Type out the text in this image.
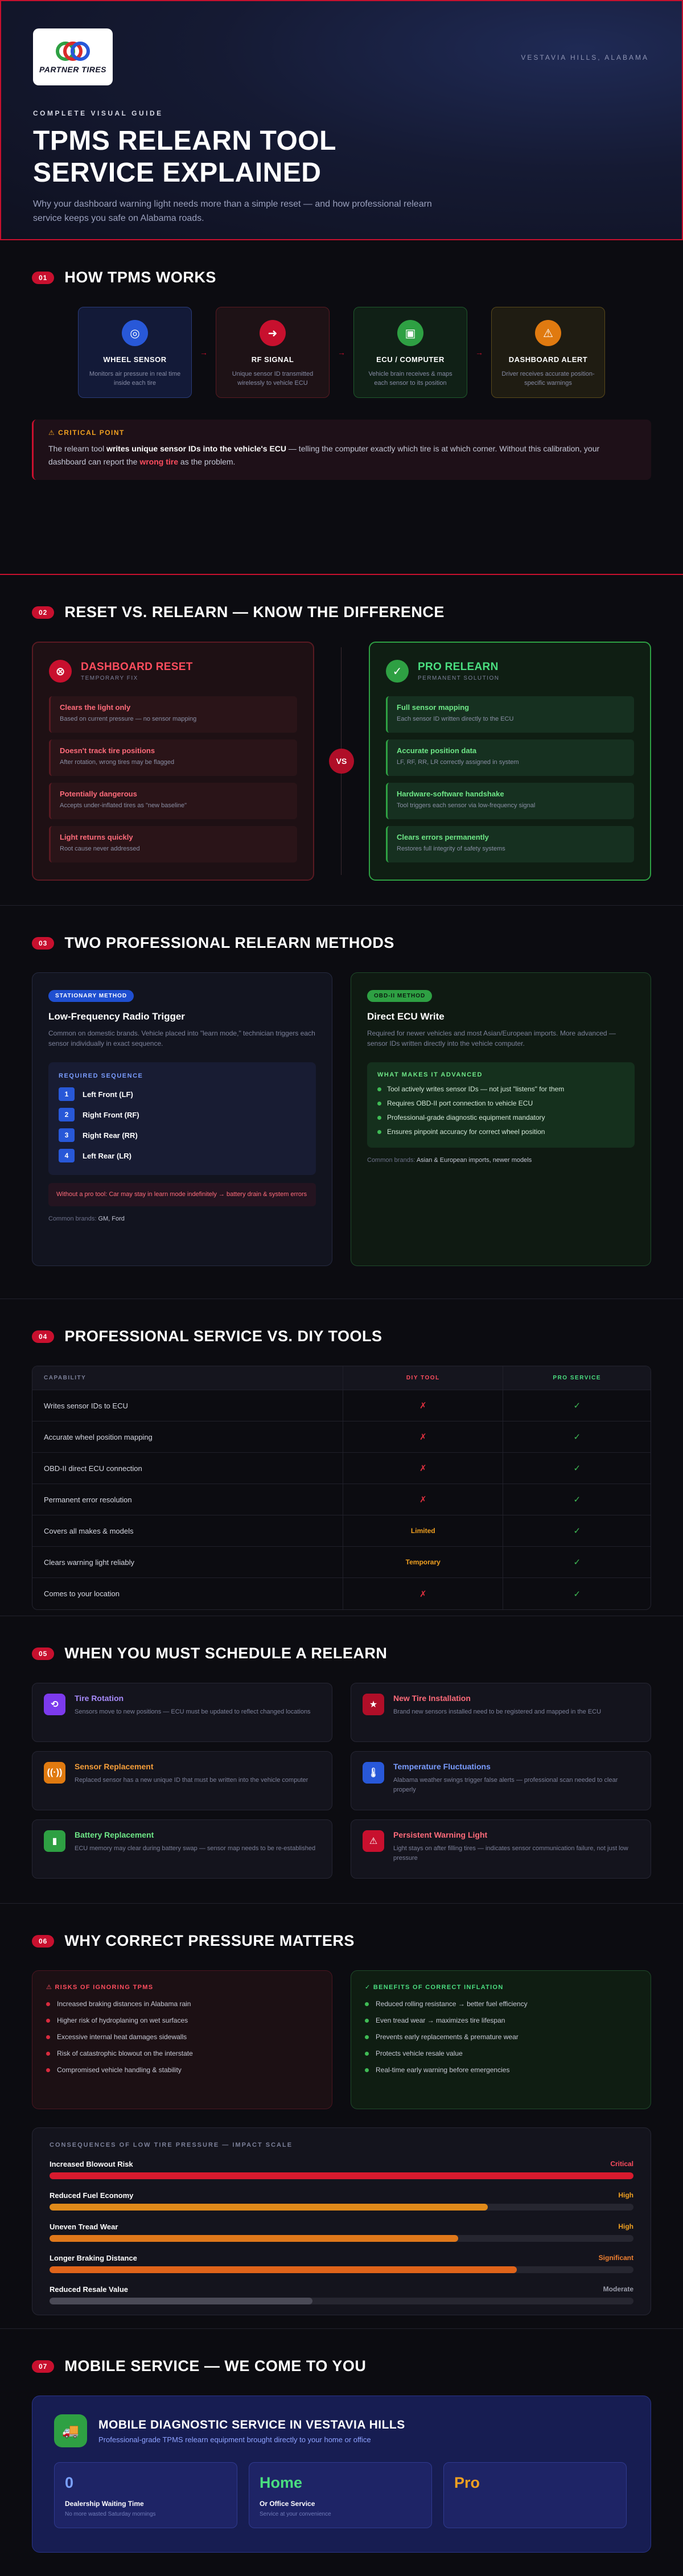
PARTNER TIRES
VESTAVIA HILLS, ALABAMA
COMPLETE VISUAL GUIDE
TPMS RELEARN TOOL
SERVICE EXPLAINED

Why your dashboard warning light needs more than a simple reset — and how professional relearn service keeps you safe on Alabama roads.

01	HOW TPMS WORKS
◎
WHEEL SENSOR
Monitors air pressure in real time inside each tire
→
➜
RF SIGNAL
Unique sensor ID transmitted wirelessly to vehicle ECU
→
▣
ECU / COMPUTER
Vehicle brain receives & maps each sensor to its position
→
⚠
DASHBOARD ALERT
Driver receives accurate position-specific warnings
⚠ CRITICAL POINT

The relearn tool writes unique sensor IDs into the vehicle's ECU — telling the computer exactly which tire is at which corner. Without this calibration, your dashboard can report the wrong tire as the problem.

02	RESET VS. RELEARN — KNOW THE DIFFERENCE
⊗	DASHBOARD RESET
TEMPORARY FIX
Clears the light only
Based on current pressure — no sensor mapping
Doesn't track tire positions
After rotation, wrong tires may be flagged
Potentially dangerous
Accepts under-inflated tires as "new baseline"
Light returns quickly
Root cause never addressed
VS
✓	PRO RELEARN
PERMANENT SOLUTION
Full sensor mapping
Each sensor ID written directly to the ECU
Accurate position data
LF, RF, RR, LR correctly assigned in system
Hardware-software handshake
Tool triggers each sensor via low-frequency signal
Clears errors permanently
Restores full integrity of safety systems
03	TWO PROFESSIONAL RELEARN METHODS
STATIONARY METHOD
Low-Frequency Radio Trigger
Common on domestic brands. Vehicle placed into "learn mode," technician triggers each sensor individually in exact sequence.
REQUIRED SEQUENCE
1	Left Front (LF)
2	Right Front (RF)
3	Right Rear (RR)
4	Left Rear (LR)
Without a pro tool: Car may stay in learn mode indefinitely → battery drain & system errors
Common brands: GM, Ford
OBD-II METHOD
Direct ECU Write
Required for newer vehicles and most Asian/European imports. More advanced — sensor IDs written directly into the vehicle computer.
WHAT MAKES IT ADVANCED
Tool actively writes sensor IDs — not just "listens" for them
Requires OBD-II port connection to vehicle ECU
Professional-grade diagnostic equipment mandatory
Ensures pinpoint accuracy for correct wheel position
Common brands: Asian & European imports, newer models
04	PROFESSIONAL SERVICE VS. DIY TOOLS
CAPABILITY	DIY TOOL	PRO SERVICE
Writes sensor IDs to ECU	✗	✓
Accurate wheel position mapping	✗	✓
OBD-II direct ECU connection	✗	✓
Permanent error resolution	✗	✓
Covers all makes & models	Limited	✓
Clears warning light reliably	Temporary	✓
Comes to your location	✗	✓
05	WHEN YOU MUST SCHEDULE A RELEARN
⟲
Tire Rotation
Sensors move to new positions — ECU must be updated to reflect changed locations
★
New Tire Installation
Brand new sensors installed need to be registered and mapped in the ECU
((·))
Sensor Replacement
Replaced sensor has a new unique ID that must be written into the vehicle computer
🌡
Temperature Fluctuations
Alabama weather swings trigger false alerts — professional scan needed to clear properly
▮
Battery Replacement
ECU memory may clear during battery swap — sensor map needs to be re-established
⚠
Persistent Warning Light
Light stays on after filling tires — indicates sensor communication failure, not just low pressure
06	WHY CORRECT PRESSURE MATTERS
⚠ RISKS OF IGNORING TPMS
Increased braking distances in Alabama rain
Higher risk of hydroplaning on wet surfaces
Excessive internal heat damages sidewalls
Risk of catastrophic blowout on the interstate
Compromised vehicle handling & stability
✓ BENEFITS OF CORRECT INFLATION
Reduced rolling resistance → better fuel efficiency
Even tread wear → maximizes tire lifespan
Prevents early replacements & premature wear
Protects vehicle resale value
Real-time early warning before emergencies
CONSEQUENCES OF LOW TIRE PRESSURE — IMPACT SCALE
Increased Blowout Risk	Critical
Reduced Fuel Economy	High
Uneven Tread Wear	High
Longer Braking Distance	Significant
Reduced Resale Value	Moderate
07	MOBILE SERVICE — WE COME TO YOU
🚚	MOBILE DIAGNOSTIC SERVICE IN VESTAVIA HILLS
Professional-grade TPMS relearn equipment brought directly to your home or office
0
Dealership Waiting Time
No more wasted Saturday mornings
Home
Or Office Service
Service at your convenience
Pro
